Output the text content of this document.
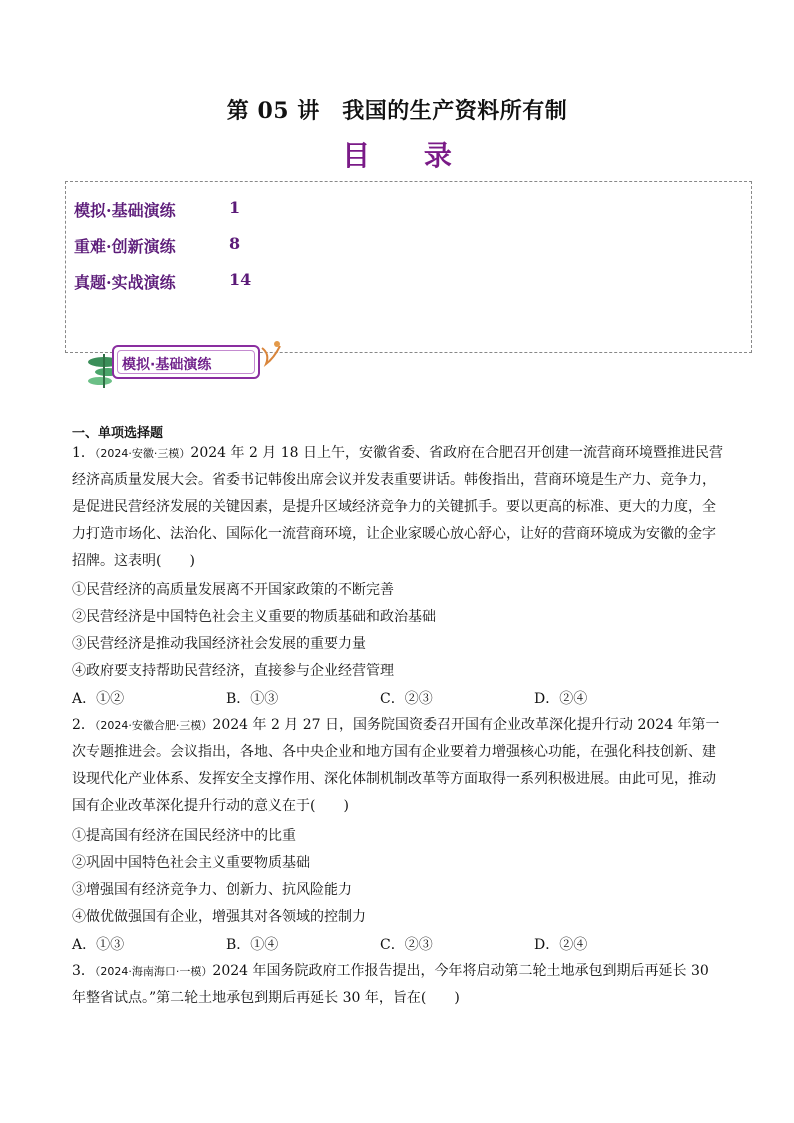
第 05 讲　我国的生产资料所有制
目 录
模拟·基础演练	1
重难·创新演练	8
真题·实战演练	14
模拟·基础演练
一、单项选择题
1．（2024·安徽·三模）2024 年 2 月 18 日上午，安徽省委、省政府在合肥召开创建一流营商环境暨推进民营
经济高质量发展大会。省委书记韩俊出席会议并发表重要讲话。韩俊指出，营商环境是生产力、竞争力，
是促进民营经济发展的关键因素，是提升区域经济竞争力的关键抓手。要以更高的标准、更大的力度，全
力打造市场化、法治化、国际化一流营商环境，让企业家暖心放心舒心，让好的营商环境成为安徽的金字
招牌。这表明(　　)
①民营经济的高质量发展离不开国家政策的不断完善
②民营经济是中国特色社会主义重要的物质基础和政治基础
③民营经济是推动我国经济社会发展的重要力量
④政府要支持帮助民营经济，直接参与企业经营管理
A．①②	B．①③	C．②③	D．②④
2．（2024·安徽合肥·三模）2024 年 2 月 27 日，国务院国资委召开国有企业改革深化提升行动 2024 年第一
次专题推进会。会议指出，各地、各中央企业和地方国有企业要着力增强核心功能，在强化科技创新、建
设现代化产业体系、发挥安全支撑作用、深化体制机制改革等方面取得一系列积极进展。由此可见，推动
国有企业改革深化提升行动的意义在于(　　)
①提高国有经济在国民经济中的比重
②巩固中国特色社会主义重要物质基础
③增强国有经济竞争力、创新力、抗风险能力
④做优做强国有企业，增强其对各领域的控制力
A．①③	B．①④	C．②③	D．②④
3．（2024·海南海口·一模）2024 年国务院政府工作报告提出，今年将启动第二轮土地承包到期后再延长 30
年整省试点。”第二轮土地承包到期后再延长 30 年，旨在(　　)
